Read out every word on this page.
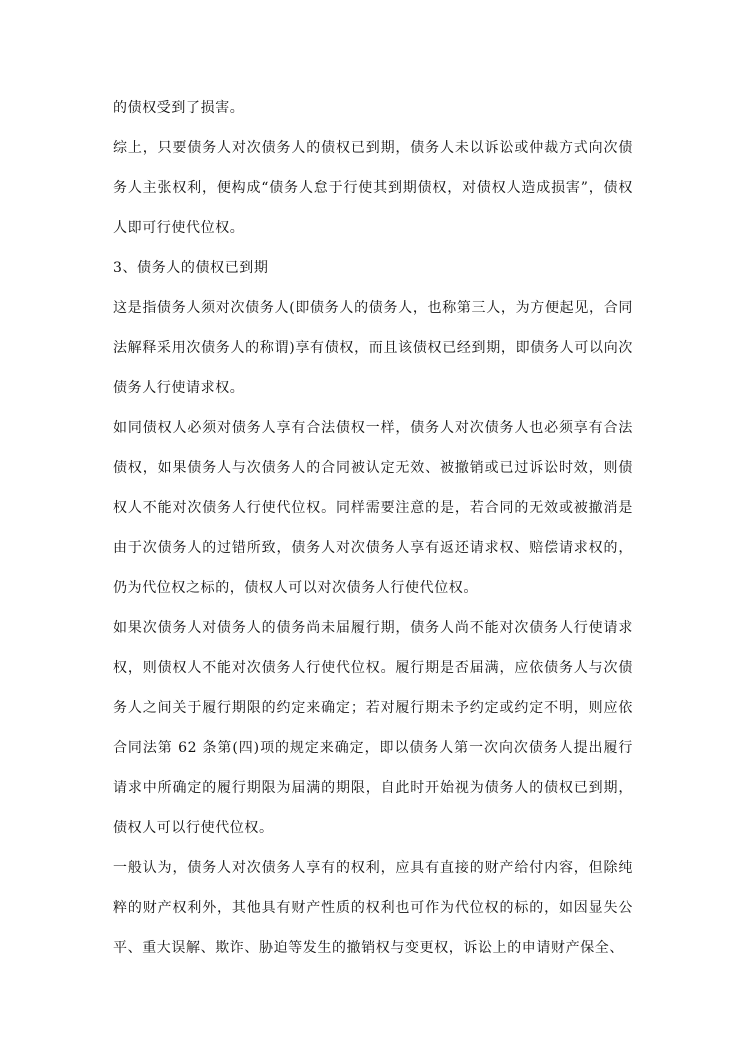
的债权受到了损害。

综上，只要债务人对次债务人的债权已到期，债务人未以诉讼或仲裁方式向次债务人主张权利，便构成“债务人怠于行使其到期债权，对债权人造成损害”，债权人即可行使代位权。

3、债务人的债权已到期

这是指债务人须对次债务人(即债务人的债务人，也称第三人，为方便起见，合同法解释采用次债务人的称谓)享有债权，而且该债权已经到期，即债务人可以向次债务人行使请求权。

如同债权人必须对债务人享有合法债权一样，债务人对次债务人也必须享有合法债权，如果债务人与次债务人的合同被认定无效、被撤销或已过诉讼时效，则债权人不能对次债务人行使代位权。同样需要注意的是，若合同的无效或被撤消是由于次债务人的过错所致，债务人对次债务人享有返还请求权、赔偿请求权的，仍为代位权之标的，债权人可以对次债务人行使代位权。

如果次债务人对债务人的债务尚未届履行期，债务人尚不能对次债务人行使请求权，则债权人不能对次债务人行使代位权。履行期是否届满，应依债务人与次债务人之间关于履行期限的约定来确定；若对履行期未予约定或约定不明，则应依合同法第 62 条第(四)项的规定来确定，即以债务人第一次向次债务人提出履行请求中所确定的履行期限为届满的期限，自此时开始视为债务人的债权已到期，债权人可以行使代位权。

一般认为，债务人对次债务人享有的权利，应具有直接的财产给付内容，但除纯粹的财产权利外，其他具有财产性质的权利也可作为代位权的标的，如因显失公平、重大误解、欺诈、胁迫等发生的撤销权与变更权，诉讼上的申请财产保全、
